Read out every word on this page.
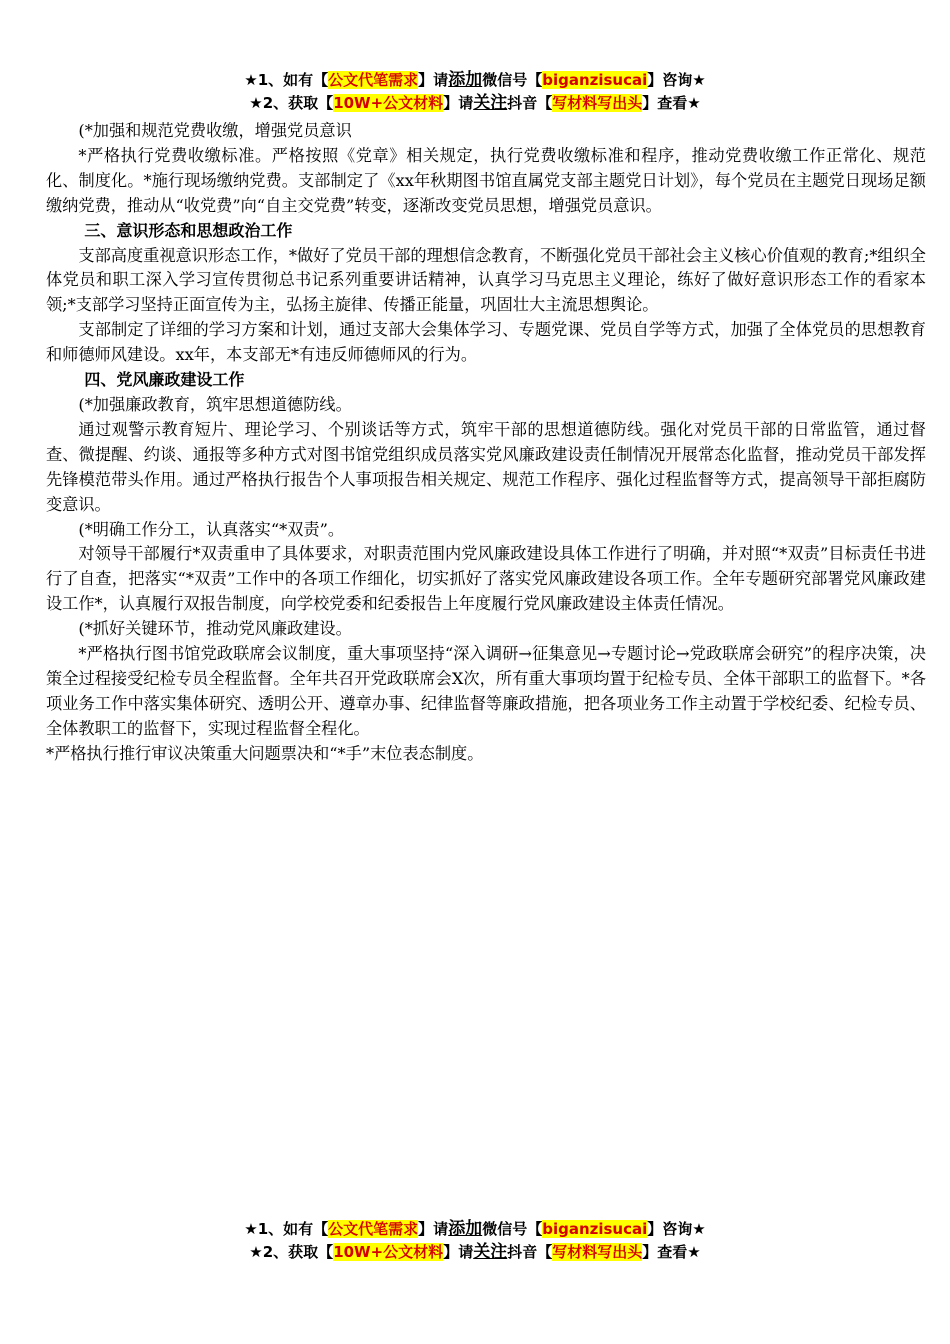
★1、如有【公文代笔需求】请添加微信号【biganzisucai】咨询★
★2、获取【10W+公文材料】请关注抖音【写材料写出头】查看★

(*加强和规范党费收缴，增强党员意识

*严格执行党费收缴标准。严格按照《党章》相关规定，执行党费收缴标准和程序，推动党费收缴工作正常化、规范化、制度化。*施行现场缴纳党费。支部制定了《xx年秋期图书馆直属党支部主题党日计划》，每个党员在主题党日现场足额缴纳党费，推动从“收党费”向“自主交党费”转变，逐渐改变党员思想，增强党员意识。

三、意识形态和思想政治工作

支部高度重视意识形态工作，*做好了党员干部的理想信念教育，不断强化党员干部社会主义核心价值观的教育;*组织全体党员和职工深入学习宣传贯彻总书记系列重要讲话精神，认真学习马克思主义理论，练好了做好意识形态工作的看家本领;*支部学习坚持正面宣传为主，弘扬主旋律、传播正能量，巩固壮大主流思想舆论。

支部制定了详细的学习方案和计划，通过支部大会集体学习、专题党课、党员自学等方式，加强了全体党员的思想教育和师德师风建设。xx年，本支部无*有违反师德师风的行为。

四、党风廉政建设工作

(*加强廉政教育，筑牢思想道德防线。

通过观警示教育短片、理论学习、个别谈话等方式，筑牢干部的思想道德防线。强化对党员干部的日常监管，通过督查、微提醒、约谈、通报等多种方式对图书馆党组织成员落实党风廉政建设责任制情况开展常态化监督，推动党员干部发挥先锋模范带头作用。通过严格执行报告个人事项报告相关规定、规范工作程序、强化过程监督等方式，提高领导干部拒腐防变意识。

(*明确工作分工，认真落实“*双责”。

对领导干部履行*双责重申了具体要求，对职责范围内党风廉政建设具体工作进行了明确，并对照“*双责”目标责任书进行了自查，把落实“*双责”工作中的各项工作细化，切实抓好了落实党风廉政建设各项工作。全年专题研究部署党风廉政建设工作*，认真履行双报告制度，向学校党委和纪委报告上年度履行党风廉政建设主体责任情况。

(*抓好关键环节，推动党风廉政建设。

*严格执行图书馆党政联席会议制度，重大事项坚持“深入调研→征集意见→专题讨论→党政联席会研究”的程序决策，决策全过程接受纪检专员全程监督。全年共召开党政联席会Ⅹ次，所有重大事项均置于纪检专员、全体干部职工的监督下。*各项业务工作中落实集体研究、透明公开、遵章办事、纪律监督等廉政措施，把各项业务工作主动置于学校纪委、纪检专员、全体教职工的监督下，实现过程监督全程化。

*严格执行推行审议决策重大问题票决和“*手”末位表态制度。

★1、如有【公文代笔需求】请添加微信号【biganzisucai】咨询★
★2、获取【10W+公文材料】请关注抖音【写材料写出头】查看★
